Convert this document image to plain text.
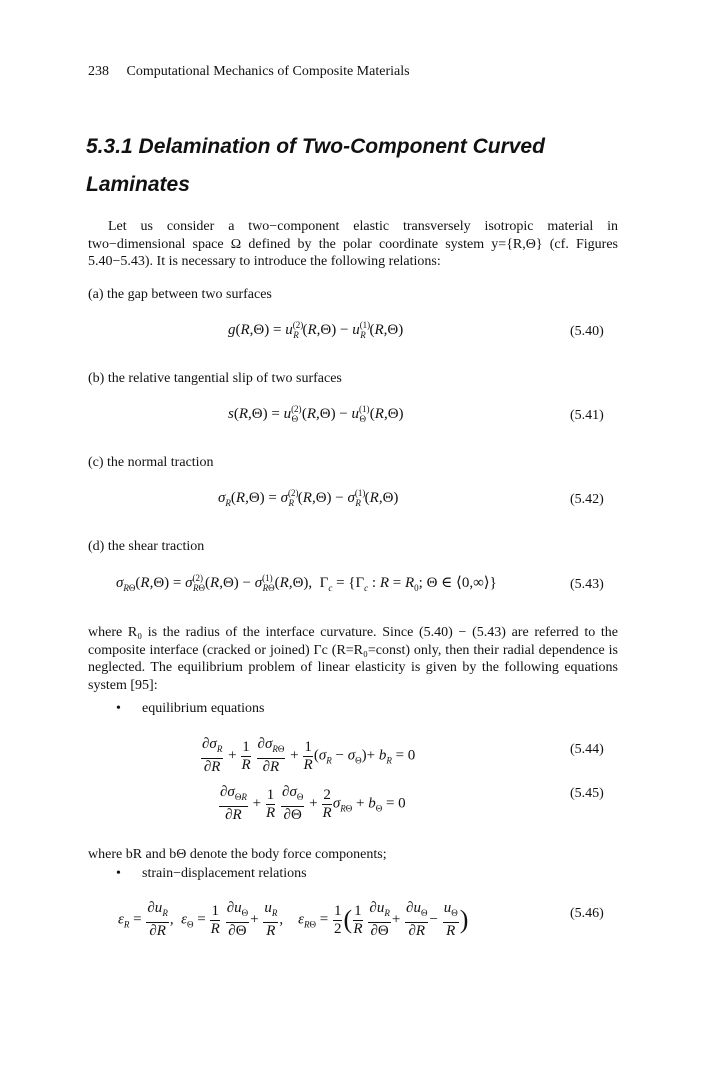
238 Computational Mechanics of Composite Materials
5.3.1 Delamination of Two-Component Curved Laminates

Let us consider a two−component elastic transversely isotropic material in two−dimensional space Ω defined by the polar coordinate system y={R,Θ} (cf. Figures 5.40−5.43). It is necessary to introduce the following relations:

(a) the gap between two surfaces
$g(R,\Theta) = u^{(2)}_R$ $(R,\Theta) - u^{(1)}_R$ (R,Θ)	(5.40)
(b) the relative tangential slip of two surfaces
$s(R,\Theta) = u^{(2)}_\Theta$ $(R,\Theta) - u^{(1)}_\Theta$ (R,Θ)	(5.41)
(c) the normal traction
$\sigma_R(R,\Theta) = \sigma^{(2)}_R$ $(R,\Theta) - \sigma^{(1)}_R$ (R,Θ)	(5.42)
(d) the shear traction
$\sigma_{R\Theta}(R,\Theta) = \sigma^{(2)}_{R\Theta}(R,\Theta) - \sigma^{(1)}_{R\Theta}(R,\Theta)$, $\Gamma_c = \{\Gamma_c$ : $R = R_0$; Θ ∈ ⟨0,∞⟩}	(5.43)

where R₀ is the radius of the interface curvature. Since (5.40) − (5.43) are referred to the composite interface (cracked or joined) Γc (R=R₀=const) only, then their radial dependence is neglected. The equilibrium problem of linear elasticity is given by the following equations system [95]:

• equilibrium equations
$\frac{\partial\sigma_R}{\partial R} + \frac{1}{R}$
$\frac{\partial\sigma_{R\Theta}}{\partial R} + \frac{1}{R} (\sigma_R - \sigma_\Theta)+ b_R = 0$	(5.44)
$\frac{\partial\sigma_{\Theta R}}{\partial R} + \frac{1}{R}$
$\frac{\partial\sigma_\Theta}{\partial\Theta} + \frac{2}{R} \sigma_{R\Theta} + b_\Theta = 0$
(5.45)
where bR and bΘ denote the body force components;
• strain−displacement relations
$\varepsilon_R = \frac{\partial u_R}{\partial R}$ ,  $\varepsilon_\Theta = \frac{1}{R}$
$\frac{\partial u_\Theta}{\partial\Theta} + \frac{u_R}{R}$ ,    $\varepsilon_{R\Theta} = \frac{1}{2}$ ( $\frac{1}{R}$
$\frac{\partial u_R}{\partial\Theta} + \frac{\partial u_\Theta}{\partial R} - \frac{u_\Theta}{R}$ )	(5.46)
